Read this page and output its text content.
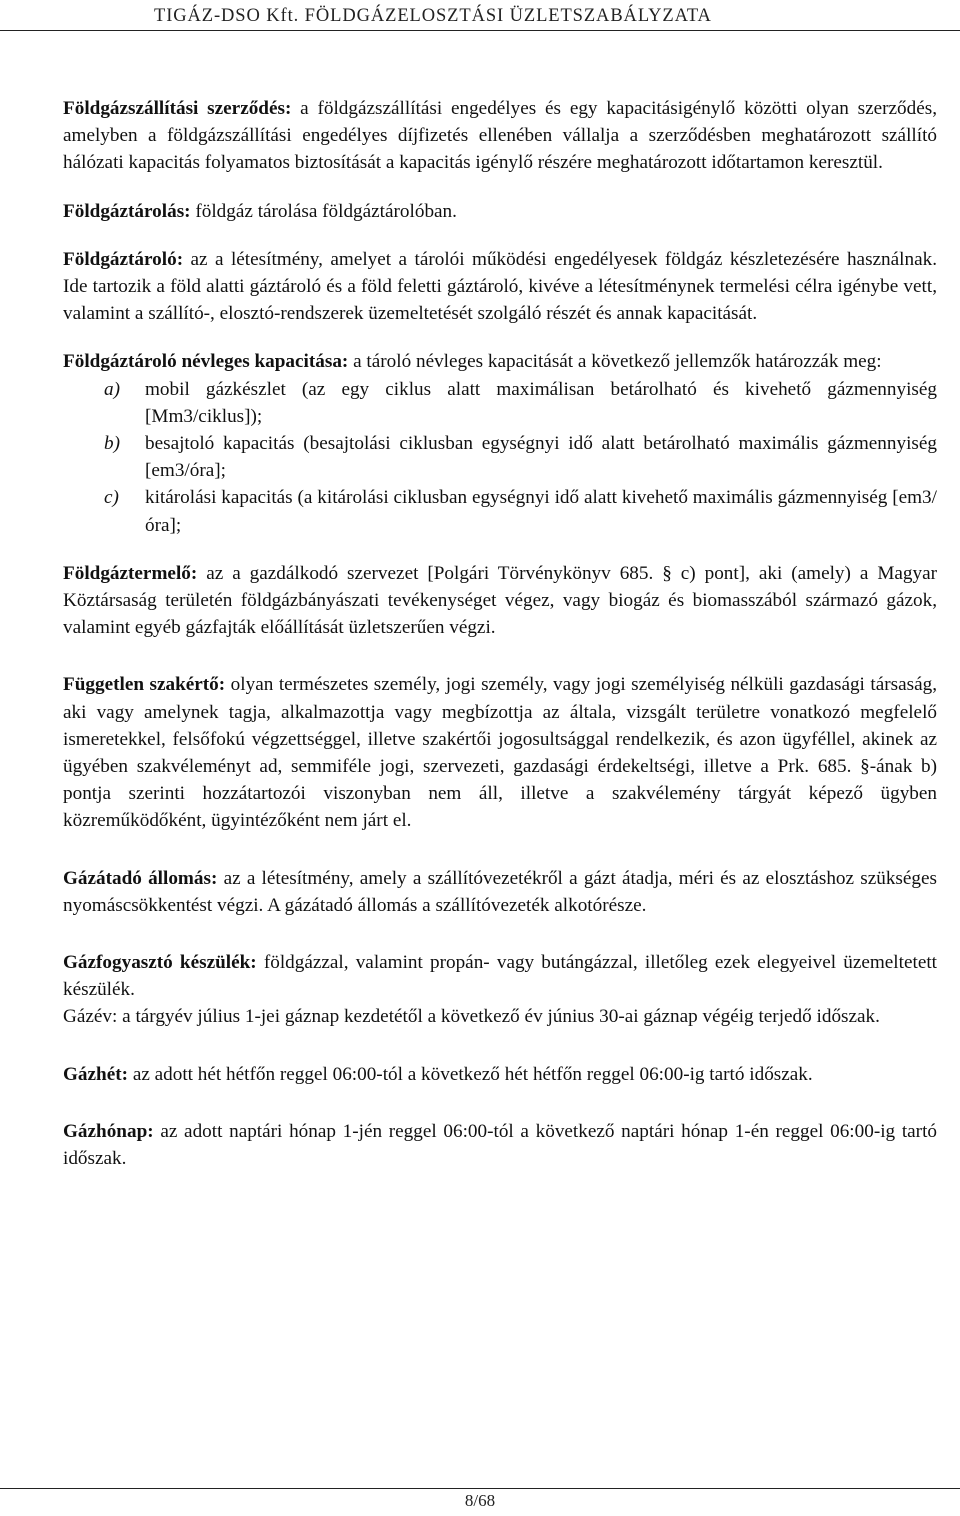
TIGÁZ-DSO Kft. FÖLDGÁZELOSZTÁSI ÜZLETSZABÁLYZATA

Földgázszállítási szerződés: a földgázszállítási engedélyes és egy kapacitásigénylő közötti olyan szerződés, amelyben a földgázszállítási engedélyes díjfizetés ellenében vállalja a szerződésben meghatározott szállító hálózati kapacitás folyamatos biztosítását a kapacitás igénylő részére meghatározott időtartamon keresztül.

Földgáztárolás: földgáz tárolása földgáztárolóban.

Földgáztároló: az a létesítmény, amelyet a tárolói működési engedélyesek földgáz készletezésére használnak. Ide tartozik a föld alatti gáztároló és a föld feletti gáztároló, kivéve a létesítménynek termelési célra igénybe vett, valamint a szállító-, elosztó-rendszerek üzemeltetését szolgáló részét és annak kapacitását.

Földgáztároló névleges kapacitása: a tároló névleges kapacitását a következő jellemzők határozzák meg:

a) mobil gázkészlet (az egy ciklus alatt maximálisan betárolható és kivehető gázmennyiség [Mm3/ciklus]);
b) besajtoló kapacitás (besajtolási ciklusban egységnyi idő alatt betárolható maximális gázmennyiség [em3/óra];
c) kitárolási kapacitás (a kitárolási ciklusban egységnyi idő alatt kivehető maximális gázmennyiség [em3/óra];

Földgáztermelő: az a gazdálkodó szervezet [Polgári Törvénykönyv 685. § c) pont], aki (amely) a Magyar Köztársaság területén földgázbányászati tevékenységet végez, vagy biogáz és biomasszából származó gázok, valamint egyéb gázfajták előállítását üzletszerűen végzi.

Független szakértő: olyan természetes személy, jogi személy, vagy jogi személyiség nélküli gazdasági társaság, aki vagy amelynek tagja, alkalmazottja vagy megbízottja az általa, vizsgált területre vonatkozó megfelelő ismeretekkel, felsőfokú végzettséggel, illetve szakértői jogosultsággal rendelkezik, és azon ügyféllel, akinek az ügyében szakvéleményt ad, semmiféle jogi, szervezeti, gazdasági érdekeltségi, illetve a Prk. 685. §-ának b) pontja szerinti hozzátartozói viszonyban nem áll, illetve a szakvélemény tárgyát képező ügyben közreműködőként, ügyintézőként nem járt el.

Gázátadó állomás: az a létesítmény, amely a szállítóvezetékről a gázt átadja, méri és az elosztáshoz szükséges nyomáscsökkentést végzi. A gázátadó állomás a szállítóvezeték alkotórésze.

Gázfogyasztó készülék: földgázzal, valamint propán- vagy butángázzal, illetőleg ezek elegyeivel üzemeltetett készülék.

Gázév: a tárgyév július 1-jei gáznap kezdetétől a következő év június 30-ai gáznap végéig terjedő időszak.

Gázhét: az adott hét hétfőn reggel 06:00-tól a következő hét hétfőn reggel 06:00-ig tartó időszak.

Gázhónap: az adott naptári hónap 1-jén reggel 06:00-tól a következő naptári hónap 1-én reggel 06:00-ig tartó időszak.

8/68
